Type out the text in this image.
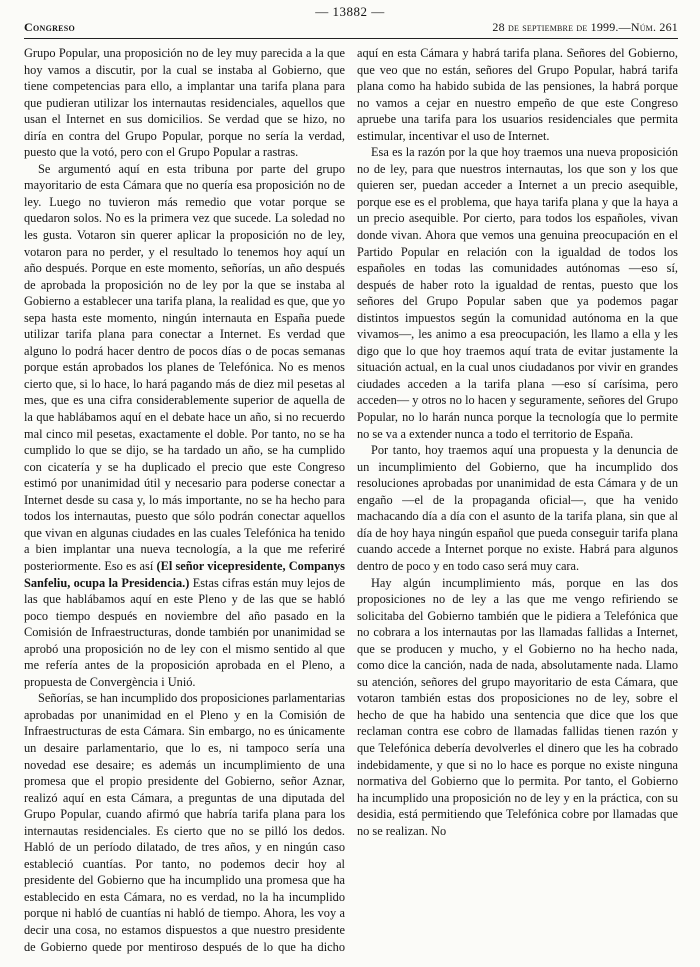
— 13882 —
Congreso	28 de septiembre de 1999.—Núm. 261

Grupo Popular, una proposición no de ley muy parecida a la que hoy vamos a discutir, por la cual se instaba al Gobierno, que tiene competencias para ello, a implantar una tarifa plana para que pudieran utilizar los internautas residenciales, aquellos que usan el Internet en sus domicilios. Se verdad que se hizo, no diría en contra del Grupo Popular, porque no sería la verdad, puesto que la votó, pero con el Grupo Popular a rastras.

Se argumentó aquí en esta tribuna por parte del grupo mayoritario de esta Cámara que no quería esa proposición no de ley. Luego no tuvieron más remedio que votar porque se quedaron solos. No es la primera vez que sucede. La soledad no les gusta. Votaron sin querer aplicar la proposición no de ley, votaron para no perder, y el resultado lo tenemos hoy aquí un año después. Porque en este momento, señorías, un año después de aprobada la proposición no de ley por la que se instaba al Gobierno a establecer una tarifa plana, la realidad es que, que yo sepa hasta este momento, ningún internauta en España puede utilizar tarifa plana para conectar a Internet. Es verdad que alguno lo podrá hacer dentro de pocos días o de pocas semanas porque están aprobados los planes de Telefónica. No es menos cierto que, si lo hace, lo hará pagando más de diez mil pesetas al mes, que es una cifra considerablemente superior de aquella de la que hablábamos aquí en el debate hace un año, si no recuerdo mal cinco mil pesetas, exactamente el doble. Por tanto, no se ha cumplido lo que se dijo, se ha tardado un año, se ha cumplido con cicatería y se ha duplicado el precio que este Congreso estimó por unanimidad útil y necesario para poderse conectar a Internet desde su casa y, lo más importante, no se ha hecho para todos los internautas, puesto que sólo podrán conectar aquellos que vivan en algunas ciudades en las cuales Telefónica ha tenido a bien implantar una nueva tecnología, a la que me referiré posteriormente. Eso es así (El señor vicepresidente, Companys Sanfeliu, ocupa la Presidencia.) Estas cifras están muy lejos de las que hablábamos aquí en este Pleno y de las que se habló poco tiempo después en noviembre del año pasado en la Comisión de Infraestructuras, donde también por unanimidad se aprobó una proposición no de ley con el mismo sentido al que me refería antes de la proposición aprobada en el Pleno, a propuesta de Convergència i Unió.

Señorías, se han incumplido dos proposiciones parlamentarias aprobadas por unanimidad en el Pleno y en la Comisión de Infraestructuras de esta Cámara. Sin embargo, no es únicamente un desaire parlamentario, que lo es, ni tampoco sería una novedad ese desaire; es además un incumplimiento de una promesa que el propio presidente del Gobierno, señor Aznar, realizó aquí en esta Cámara, a preguntas de una diputada del Grupo Popular, cuando afirmó que habría tarifa plana para los internautas residenciales. Es cierto que no se pilló los dedos. Habló de un período dilatado, de tres años, y en ningún caso estableció cuantías. Por tanto, no podemos decir hoy al presidente del Gobierno que ha incumplido una promesa que ha establecido en esta Cámara, no es verdad, no la ha incumplido porque ni habló de cuantías ni habló de tiempo. Ahora, les voy a decir una cosa, no estamos dispuestos a que nuestro presidente de Gobierno quede por mentiroso después de lo que ha dicho aquí en esta Cámara y habrá tarifa plana. Señores del Gobierno, que veo que no están, señores del Grupo Popular, habrá tarifa plana como ha habido subida de las pensiones, la habrá porque no vamos a cejar en nuestro empeño de que este Congreso apruebe una tarifa para los usuarios residenciales que permita estimular, incentivar el uso de Internet.

Esa es la razón por la que hoy traemos una nueva proposición no de ley, para que nuestros internautas, los que son y los que quieren ser, puedan acceder a Internet a un precio asequible, porque ese es el problema, que haya tarifa plana y que la haya a un precio asequible. Por cierto, para todos los españoles, vivan donde vivan. Ahora que vemos una genuina preocupación en el Partido Popular en relación con la igualdad de todos los españoles en todas las comunidades autónomas —eso sí, después de haber roto la igualdad de rentas, puesto que los señores del Grupo Popular saben que ya podemos pagar distintos impuestos según la comunidad autónoma en la que vivamos—, les animo a esa preocupación, les llamo a ella y les digo que lo que hoy traemos aquí trata de evitar justamente la situación actual, en la cual unos ciudadanos por vivir en grandes ciudades acceden a la tarifa plana —eso sí carísima, pero acceden— y otros no lo hacen y seguramente, señores del Grupo Popular, no lo harán nunca porque la tecnología que lo permite no se va a extender nunca a todo el territorio de España.

Por tanto, hoy traemos aquí una propuesta y la denuncia de un incumplimiento del Gobierno, que ha incumplido dos resoluciones aprobadas por unanimidad de esta Cámara y de un engaño —el de la propaganda oficial—, que ha venido machacando día a día con el asunto de la tarifa plana, sin que al día de hoy haya ningún español que pueda conseguir tarifa plana cuando accede a Internet porque no existe. Habrá para algunos dentro de poco y en todo caso será muy cara.

Hay algún incumplimiento más, porque en las dos proposiciones no de ley a las que me vengo refiriendo se solicitaba del Gobierno también que le pidiera a Telefónica que no cobrara a los internautas por las llamadas fallidas a Internet, que se producen y mucho, y el Gobierno no ha hecho nada, como dice la canción, nada de nada, absolutamente nada. Llamo su atención, señores del grupo mayoritario de esta Cámara, que votaron también estas dos proposiciones no de ley, sobre el hecho de que ha habido una sentencia que dice que los que reclaman contra ese cobro de llamadas fallidas tienen razón y que Telefónica debería devolverles el dinero que les ha cobrado indebidamente, y que si no lo hace es porque no existe ninguna normativa del Gobierno que lo permita. Por tanto, el Gobierno ha incumplido una proposición no de ley y en la práctica, con su desidia, está permitiendo que Telefónica cobre por llamadas que no se realizan. No
